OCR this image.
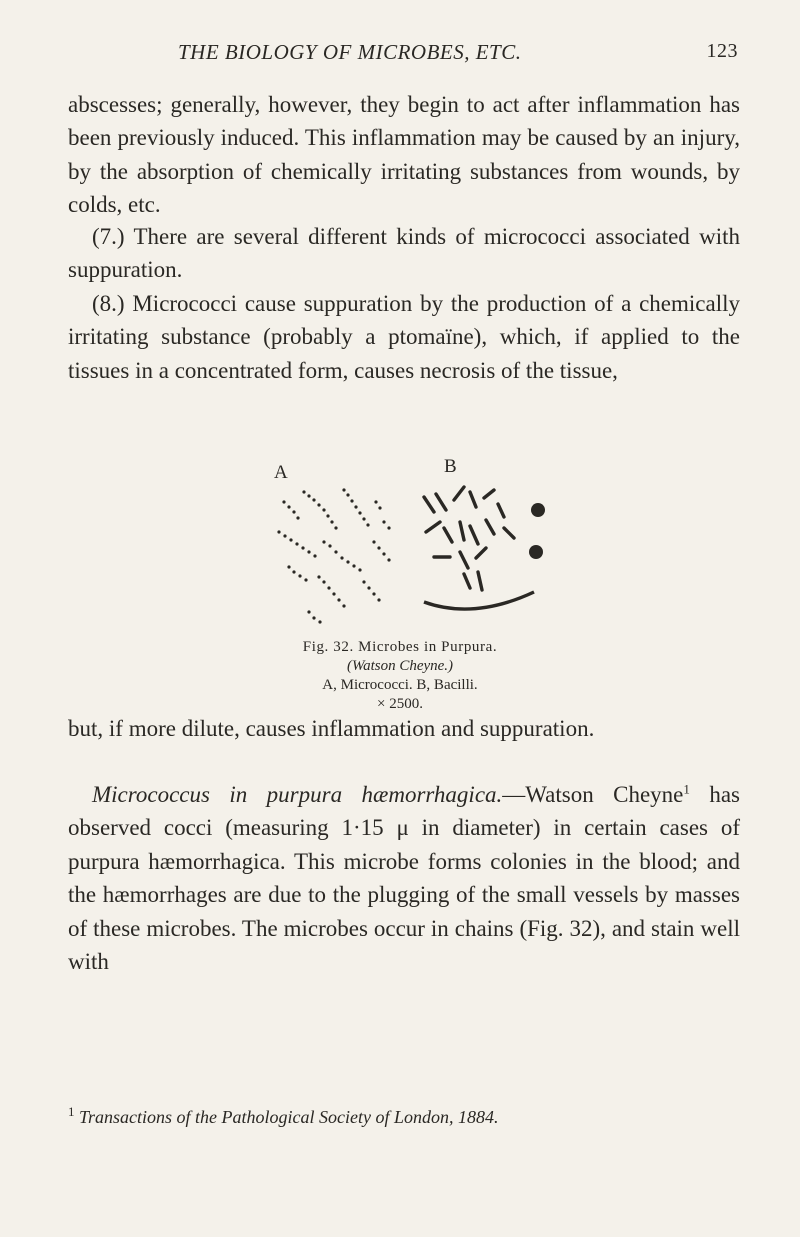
THE BIOLOGY OF MICROBES, ETC.	123

abscesses; generally, however, they begin to act after inflammation has been previously induced. This inflammation may be caused by an injury, by the absorption of chemically irritating substances from wounds, by colds, etc.

(7.) There are several different kinds of micrococci associated with suppuration.

(8.) Micrococci cause suppuration by the production of a chemically irritating substance (probably a ptomaïne), which, if applied to the tissues in a concentrated form, causes necrosis of the tissue,

A	B
Fig. 32. Microbes in Purpura.
(Watson Cheyne.)
A, Micrococci. B, Bacilli.
× 2500.

but, if more dilute, causes inflammation and suppuration.

Micrococcus in purpura hæmorrhagica.—Watson Cheyne$^1$ has observed cocci (measuring 1·15 μ in diameter) in certain cases of purpura hæmorrhagica. This microbe forms colonies in the blood; and the hæmorrhages are due to the plugging of the small vessels by masses of these microbes. The microbes occur in chains (Fig. 32), and stain well with

$^1$ Transactions of the Pathological Society of London, 1884.
